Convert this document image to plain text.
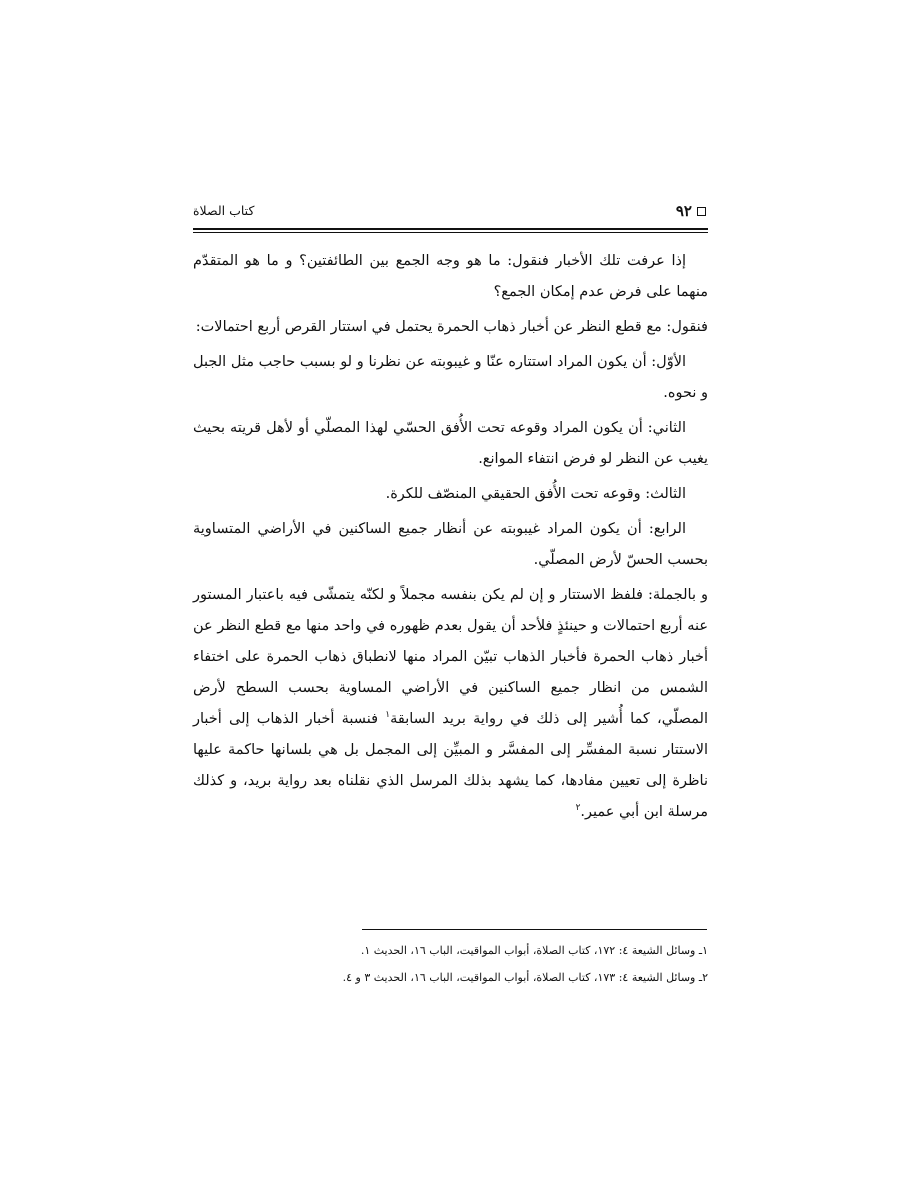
٩٢
كتاب الصلاة

إذا عرفت تلك الأخبار فنقول: ما هو وجه الجمع بين الطائفتين؟ و ما هو المتقدّم منهما على فرض عدم إمكان الجمع؟

فنقول: مع قطع النظر عن أخبار ذهاب الحمرة يحتمل في استتار القرص أربع احتمالات:

الأوّل: أن يكون المراد استتاره عنّا و غيبوبته عن نظرنا و لو بسبب حاجب مثل الجبل و نحوه.

الثاني: أن يكون المراد وقوعه تحت الأُفق الحسّي لهذا المصلّي أو لأهل قريته بحيث يغيب عن النظر لو فرض انتفاء الموانع.

الثالث: وقوعه تحت الأُفق الحقيقي المنصّف للكرة.

الرابع: أن يكون المراد غيبوبته عن أنظار جميع الساكنين في الأراضي المتساوية بحسب الحسّ لأرض المصلّي.

و بالجملة: فلفظ الاستتار و إن لم يكن بنفسه مجملاً و لكنّه يتمشّى فيه باعتبار المستور عنه أربع احتمالات و حينئذٍ فلأحد أن يقول بعدم ظهوره في واحد منها مع قطع النظر عن أخبار ذهاب الحمرة فأخبار الذهاب تبيّن المراد منها لانطباق ذهاب الحمرة على اختفاء الشمس من انظار جميع الساكنين في الأراضي المساوية بحسب السطح لأرض المصلّي، كما أُشير إلى ذلك في رواية بريد السابقة$^١$ فنسبة أخبار الذهاب إلى أخبار الاستتار نسبة المفسِّر إلى المفسَّر و المبيِّن إلى المجمل بل هي بلسانها حاكمة عليها ناظرة إلى تعيين مفادها، كما يشهد بذلك المرسل الذي نقلناه بعد رواية بريد، و كذلك مرسلة ابن أبي عمير.$^٢$

١ـ وسائل الشيعة ٤: ١٧٢، كتاب الصلاة، أبواب المواقيت، الباب ١٦، الحديث ١.

٢ـ وسائل الشيعة ٤: ١٧٣، كتاب الصلاة، أبواب المواقيت، الباب ١٦، الحديث ٣ و ٤.
